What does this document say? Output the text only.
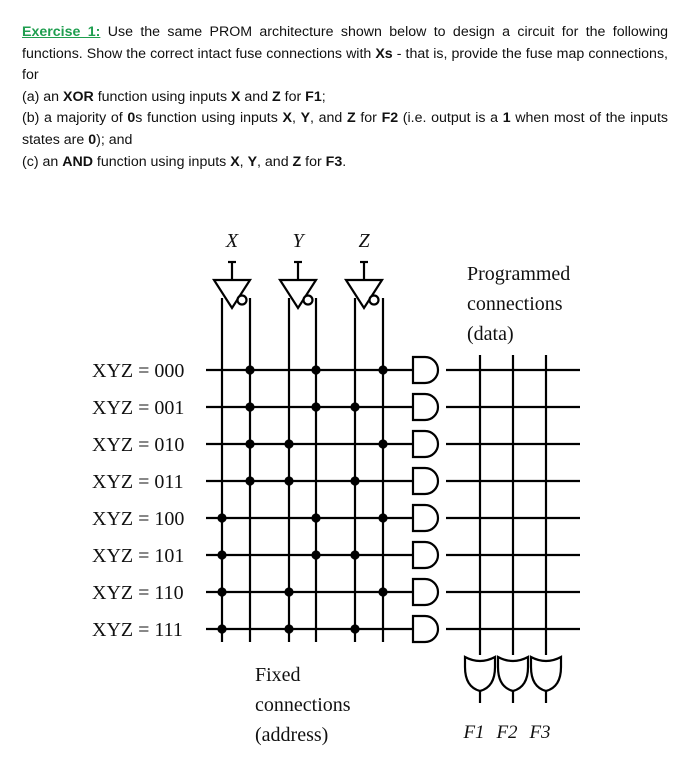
Exercise 1: Use the same PROM architecture shown below to design a circuit for the following functions. Show the correct intact fuse connections with Xs - that is, provide the fuse map connections, for

(a) an XOR function using inputs X and Z for F1;

(b) a majority of 0s function using inputs X, Y, and Z for F2 (i.e. output is a 1 when most of the inputs states are 0); and

(c) an AND function using inputs X, Y, and Z for F3.

X	Y	Z
XYZ = 000
XYZ = 001
XYZ = 010
XYZ = 011
XYZ = 100
XYZ = 101
XYZ = 110
XYZ = 111
F1 F2 F3
Programmed
connections
(data)
Fixed
connections
(address)
